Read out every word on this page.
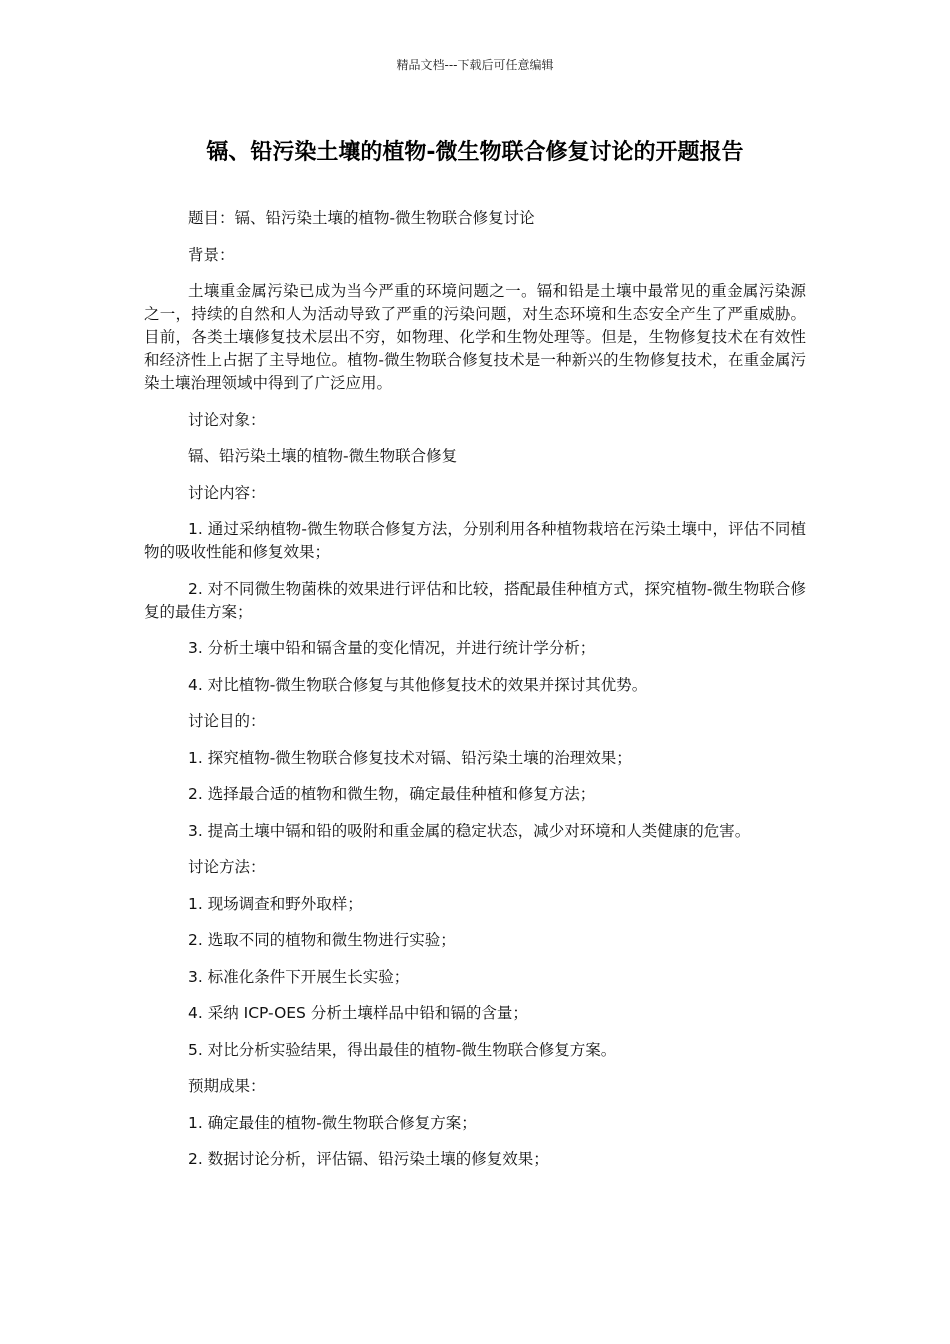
精品文档---下载后可任意编辑
镉、铅污染土壤的植物-微生物联合修复讨论的开题报告

题目：镉、铅污染土壤的植物-微生物联合修复讨论

背景：

土壤重金属污染已成为当今严重的环境问题之一。镉和铅是土壤中最常见的重金属污染源之一，持续的自然和人为活动导致了严重的污染问题，对生态环境和生态安全产生了严重威胁。目前，各类土壤修复技术层出不穷，如物理、化学和生物处理等。但是，生物修复技术在有效性和经济性上占据了主导地位。植物-微生物联合修复技术是一种新兴的生物修复技术，在重金属污染土壤治理领域中得到了广泛应用。

讨论对象：

镉、铅污染土壤的植物-微生物联合修复

讨论内容：

1. 通过采纳植物-微生物联合修复方法，分别利用各种植物栽培在污染土壤中，评估不同植物的吸收性能和修复效果；

2. 对不同微生物菌株的效果进行评估和比较，搭配最佳种植方式，探究植物-微生物联合修复的最佳方案；

3. 分析土壤中铅和镉含量的变化情况，并进行统计学分析；

4. 对比植物-微生物联合修复与其他修复技术的效果并探讨其优势。

讨论目的：

1. 探究植物-微生物联合修复技术对镉、铅污染土壤的治理效果；

2. 选择最合适的植物和微生物，确定最佳种植和修复方法；

3. 提高土壤中镉和铅的吸附和重金属的稳定状态，减少对环境和人类健康的危害。

讨论方法：

1. 现场调查和野外取样；

2. 选取不同的植物和微生物进行实验；

3. 标准化条件下开展生长实验；

4. 采纳 ICP-OES 分析土壤样品中铅和镉的含量；

5. 对比分析实验结果，得出最佳的植物-微生物联合修复方案。

预期成果：

1. 确定最佳的植物-微生物联合修复方案；

2. 数据讨论分析，评估镉、铅污染土壤的修复效果；
